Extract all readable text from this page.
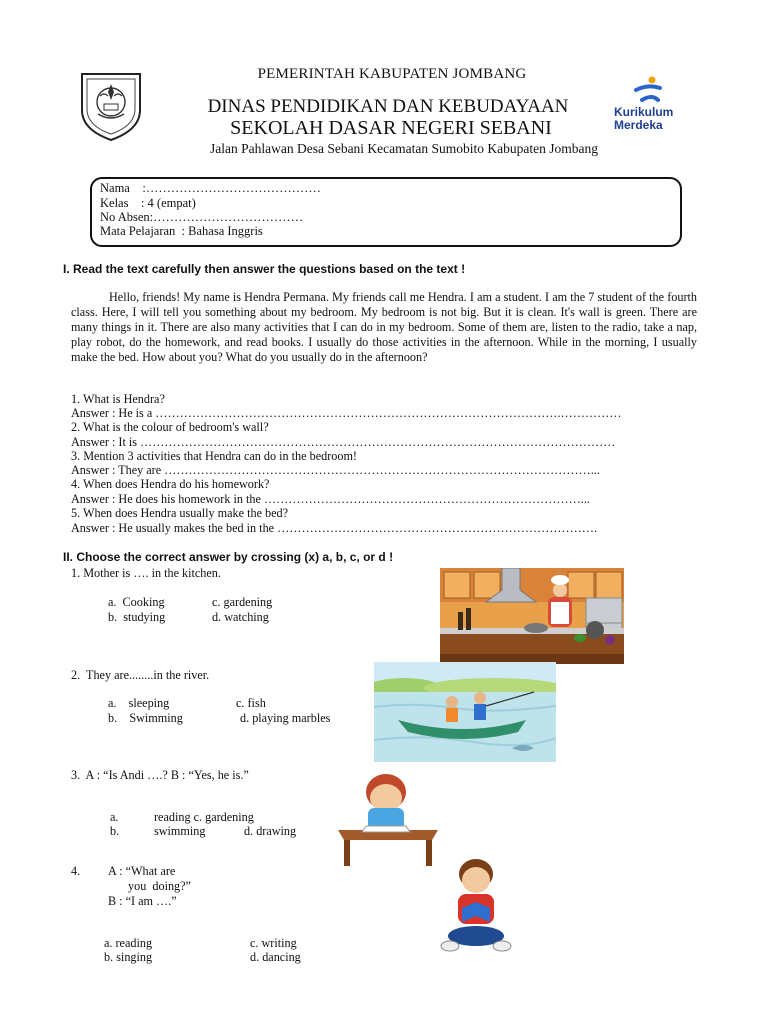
PEMERINTAH KABUPATEN JOMBANG
DINAS PENDIDIKAN DAN KEBUDAYAAN
SEKOLAH DASAR NEGERI SEBANI
Jalan Pahlawan Desa Sebani Kecamatan Sumobito Kabupaten Jombang
Kurikulum
Merdeka
Nama    :……………………………………
Kelas    : 4 (empat)
No Absen:………………………………
Mata Pelajaran  : Bahasa Inggris
I. Read the text carefully then answer the questions based on the text !
Hello, friends! My name is Hendra Permana. My friends call me Hendra. I am a student. I am the 7 student of the fourth class. Here, I will tell you something about my bedroom. My bedroom is not big. But it is clean. It's wall is green. There are many things in it. There are also many activities that I can do in my bedroom. Some of them are, listen to the radio, take a nap, play robot, do the homework, and read books. I usually do those activities in the afternoon. While in the morning, I usually make the bed. How about you? What do you usually do in the afternoon?
1. What is Hendra?
Answer : He is a ……………………………………………………………………………………….……………
2. What is the colour of bedroom's wall?
Answer : It is ………………………………………………………………………………………………………
3. Mention 3 activities that Hendra can do in the bedroom!
Answer : They are ……………………………………………………………………………………………...
4. When does Hendra do his homework?
Answer : He does his homework in the ……………………………………………………………………...
5. When does Hendra usually make the bed?
Answer : He usually makes the bed in the …………………………………………………………………….
II. Choose the correct answer by crossing (x) a, b, c, or d !
1. Mother is …. in the kitchen.
a.  Cooking	c. gardening
b.  studying	d. watching
2.  They are........in the river.
a.    sleeping	c. fish
b.    Swimming	d. playing marbles
3.  A : “Is Andi ….? B : “Yes, he is.”
a.	reading c. gardening
b.	swimming	d. drawing
4. A : “What are
you  doing?”
B : “I am ….”
a. reading	c. writing
b. singing	d. dancing
